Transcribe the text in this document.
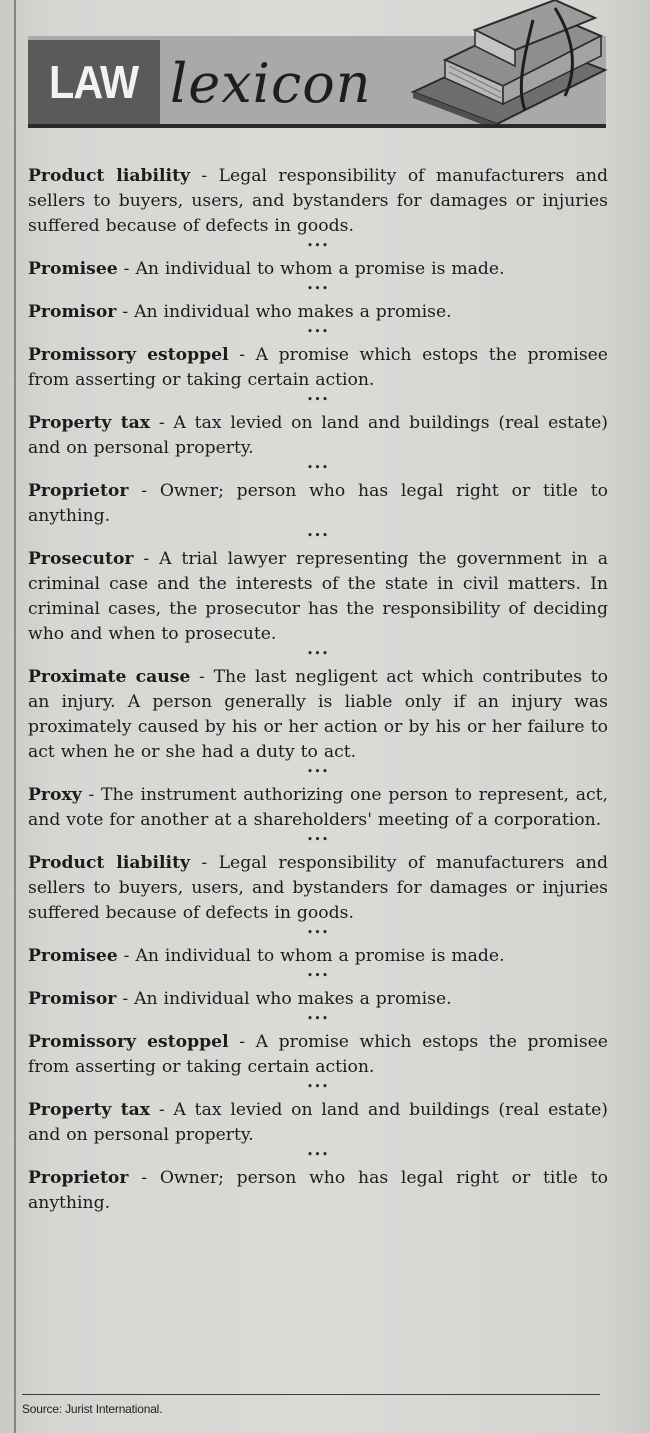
LAW lexicon

Product liability - Legal responsibility of manufacturers and sellers to buyers, users, and bystanders for damages or injuries suffered because of defects in goods.

•••

Promisee - An individual to whom a promise is made.

•••

Promisor - An individual who makes a promise.

•••

Promissory estoppel - A promise which estops the promisee from asserting or taking certain action.

•••

Property tax - A tax levied on land and buildings (real estate) and on personal property.

•••

Proprietor - Owner; person who has legal right or title to anything.

•••

Prosecutor - A trial lawyer representing the government in a criminal case and the interests of the state in civil matters. In criminal cases, the prosecutor has the responsibility of deciding who and when to prosecute.

•••

Proximate cause - The last negligent act which contributes to an injury. A person generally is liable only if an injury was proximately caused by his or her action or by his or her failure to act when he or she had a duty to act.

•••

Proxy - The instrument authorizing one person to represent, act, and vote for another at a shareholders' meeting of a corporation.

•••

Product liability - Legal responsibility of manufacturers and sellers to buyers, users, and bystanders for damages or injuries suffered because of defects in goods.

•••

Promisee - An individual to whom a promise is made.

•••

Promisor - An individual who makes a promise.

•••

Promissory estoppel - A promise which estops the promisee from asserting or taking certain action.

•••

Property tax - A tax levied on land and buildings (real estate) and on personal property.

•••

Proprietor - Owner; person who has legal right or title to anything.

Source: Jurist International.
